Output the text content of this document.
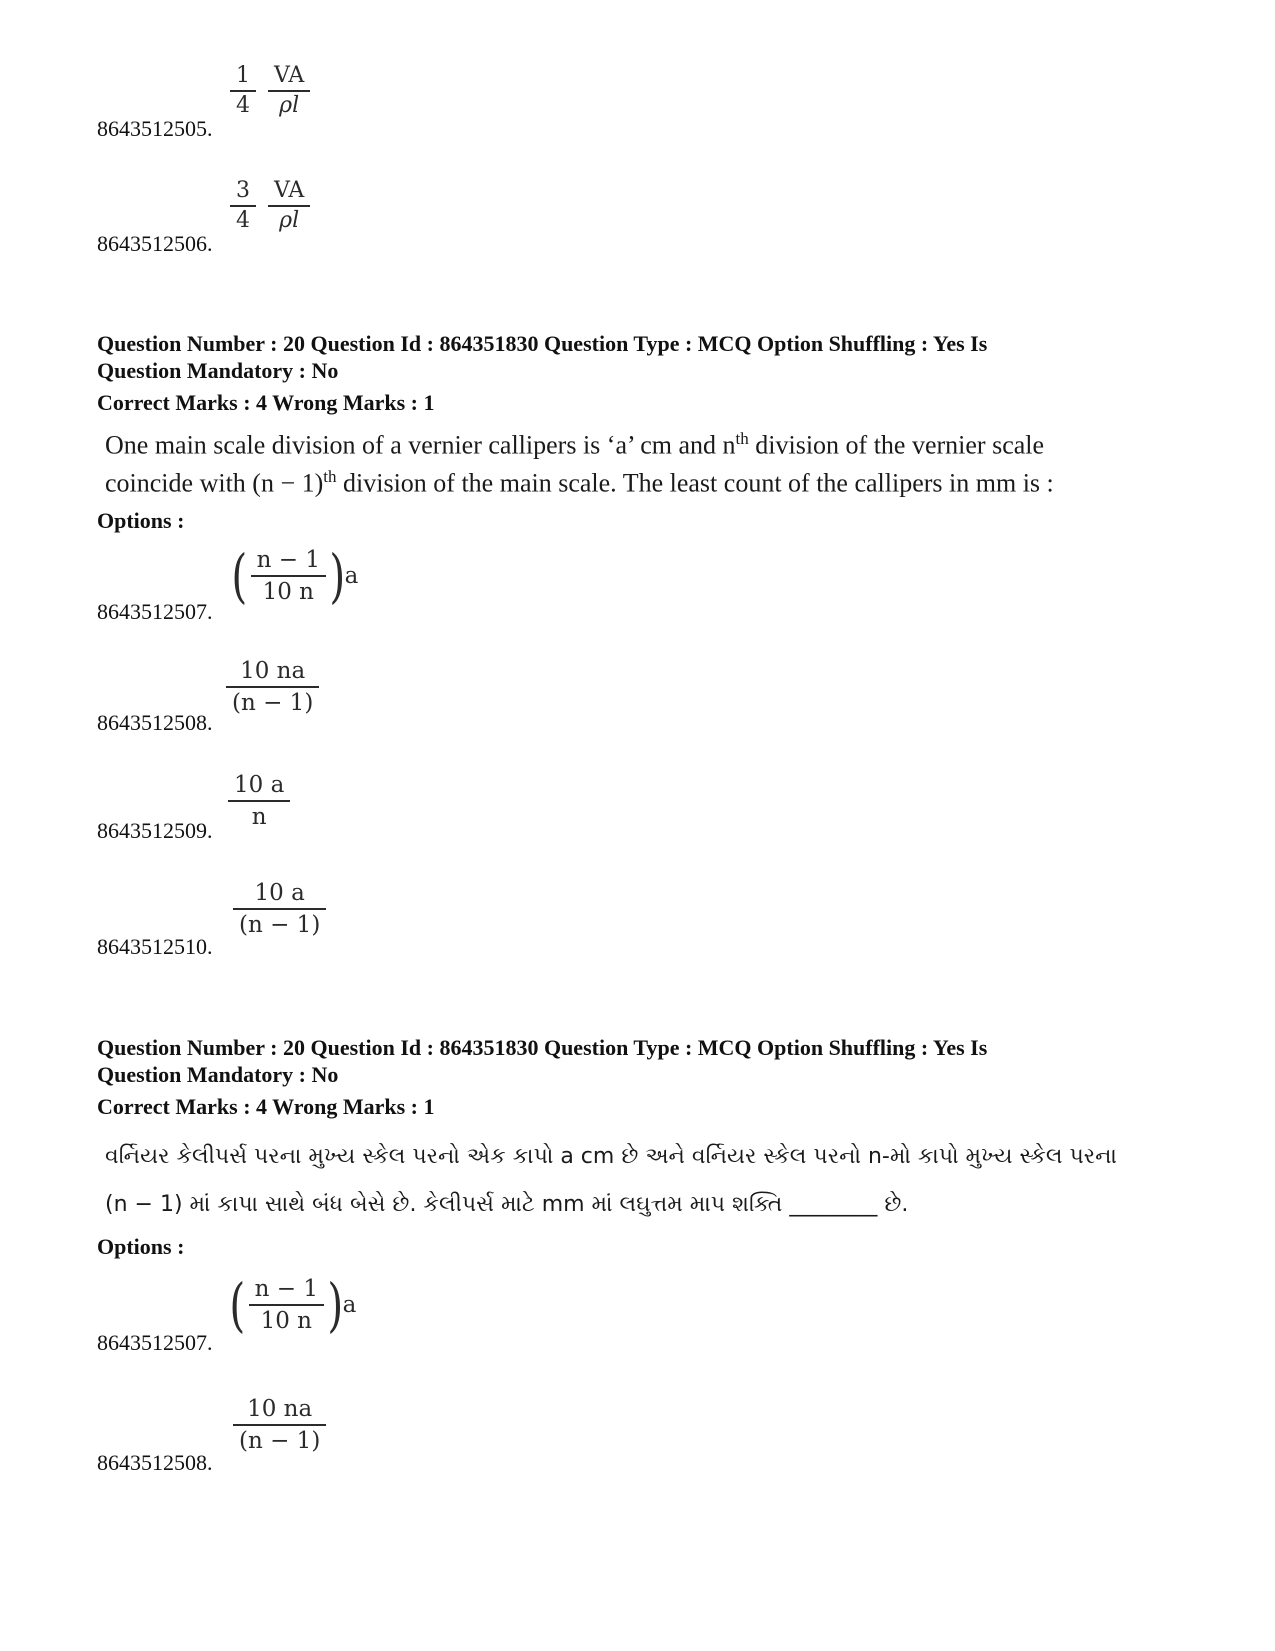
8643512505.
$\frac{1}{4} \frac{VA}{\rho l}$
8643512506.
$\frac{3}{4} \frac{VA}{\rho l}$
Question Number : 20 Question Id : 864351830 Question Type : MCQ Option Shuffling : Yes Is
Question Mandatory : No
Correct Marks : 4 Wrong Marks : 1
One main scale division of a vernier callipers is ‘a’ cm and $n^{th}$ division of the vernier scale
coincide with $(n - 1)^{th}$ division of the main scale. The least count of the callipers in mm is :
Options :
8643512507.
( $\frac{n - 1}{10 n}$ ) a
8643512508.
$\frac{10 na}{(n - 1)}$
8643512509. $\frac{10 a}{n}$
8643512510.
$\frac{10 a}{(n - 1)}$
Question Number : 20 Question Id : 864351830 Question Type : MCQ Option Shuffling : Yes Is
Question Mandatory : No
Correct Marks : 4 Wrong Marks : 1
વર્નિયર કેલીપર્સ પરના મુખ્ય સ્કેલ પરનો એક કાપો a cm છે અને વર્નિયર સ્કેલ પરનો n-મો કાપો મુખ્ય સ્કેલ પરના
(n − 1) માં કાપા સાથે બંધ બેસે છે. કેલીપર્સ માટે mm માં લઘુત્તમ માપ શક્તિ ________ છે.
Options :
8643512507.
( $\frac{n - 1}{10 n}$ ) a
8643512508.
$\frac{10 na}{(n - 1)}$
